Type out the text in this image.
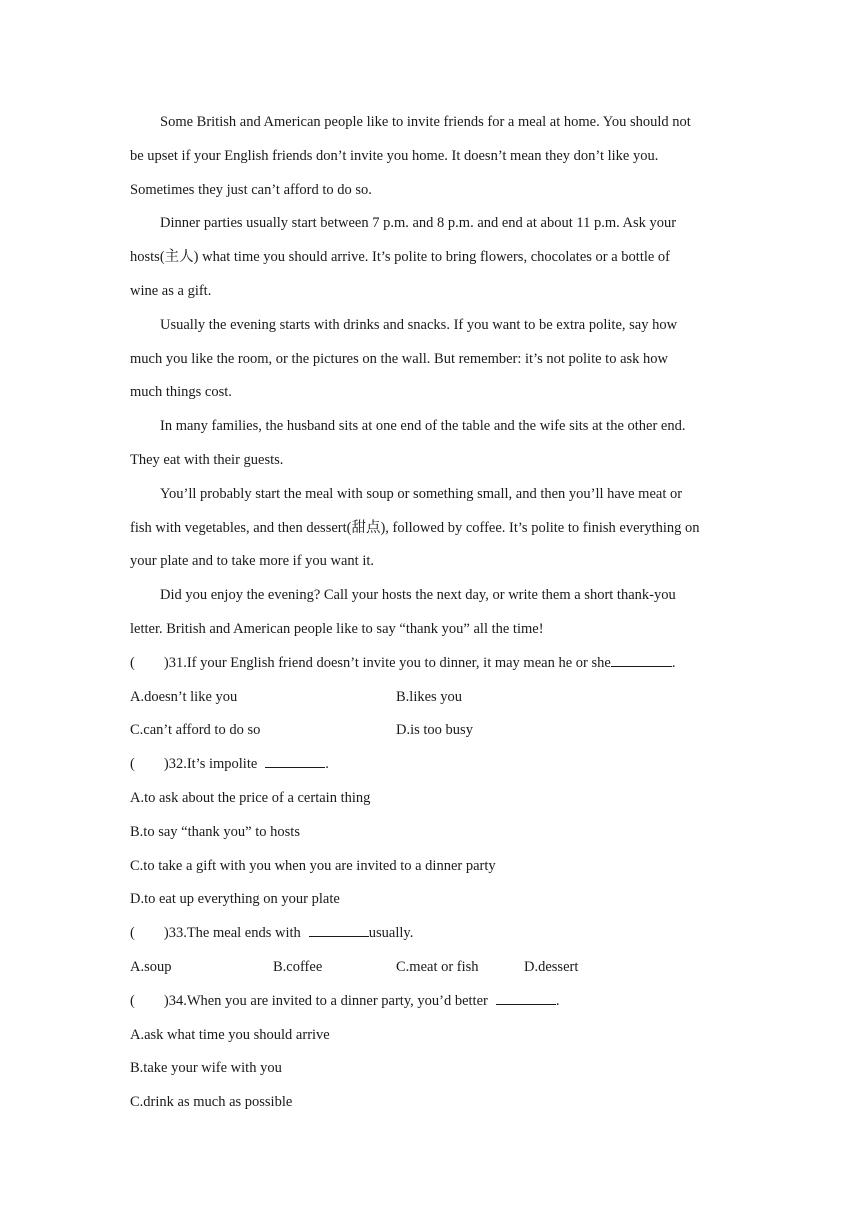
Some British and American people like to invite friends for a meal at home. You should not
be upset if your English friends don’t invite you home. It doesn’t mean they don’t like you.
Sometimes they just can’t afford to do so.
Dinner parties usually start between 7 p.m. and 8 p.m. and end at about 11 p.m. Ask your
hosts(主人) what time you should arrive. It’s polite to bring flowers, chocolates or a bottle of
wine as a gift.
Usually the evening starts with drinks and snacks. If you want to be extra polite, say how
much you like the room, or the pictures on the wall. But remember: it’s not polite to ask how
much things cost.
In many families, the husband sits at one end of the table and the wife sits at the other end.
They eat with their guests.
You’ll probably start the meal with soup or something small, and then you’ll have meat or
fish with vegetables, and then dessert(甜点), followed by coffee. It’s polite to finish everything on
your plate and to take more if you want it.
Did you enjoy the evening? Call your hosts the next day, or write them a short thank-you
letter. British and American people like to say “thank you” all the time!
( )31.If your English friend doesn’t invite you to dinner, it may mean he or she	.
A.doesn’t like you	B.likes you
C.can’t afford to do so	D.is too busy
( )32.It’s impolite	.
A.to ask about the price of a certain thing
B.to say “thank you” to hosts
C.to take a gift with you when you are invited to a dinner party
D.to eat up everything on your plate
( )33.The meal ends with	usually.
A.soup	B.coffee	C.meat or fish	D.dessert
( )34.When you are invited to a dinner party, you’d better	.
A.ask what time you should arrive
B.take your wife with you
C.drink as much as possible
